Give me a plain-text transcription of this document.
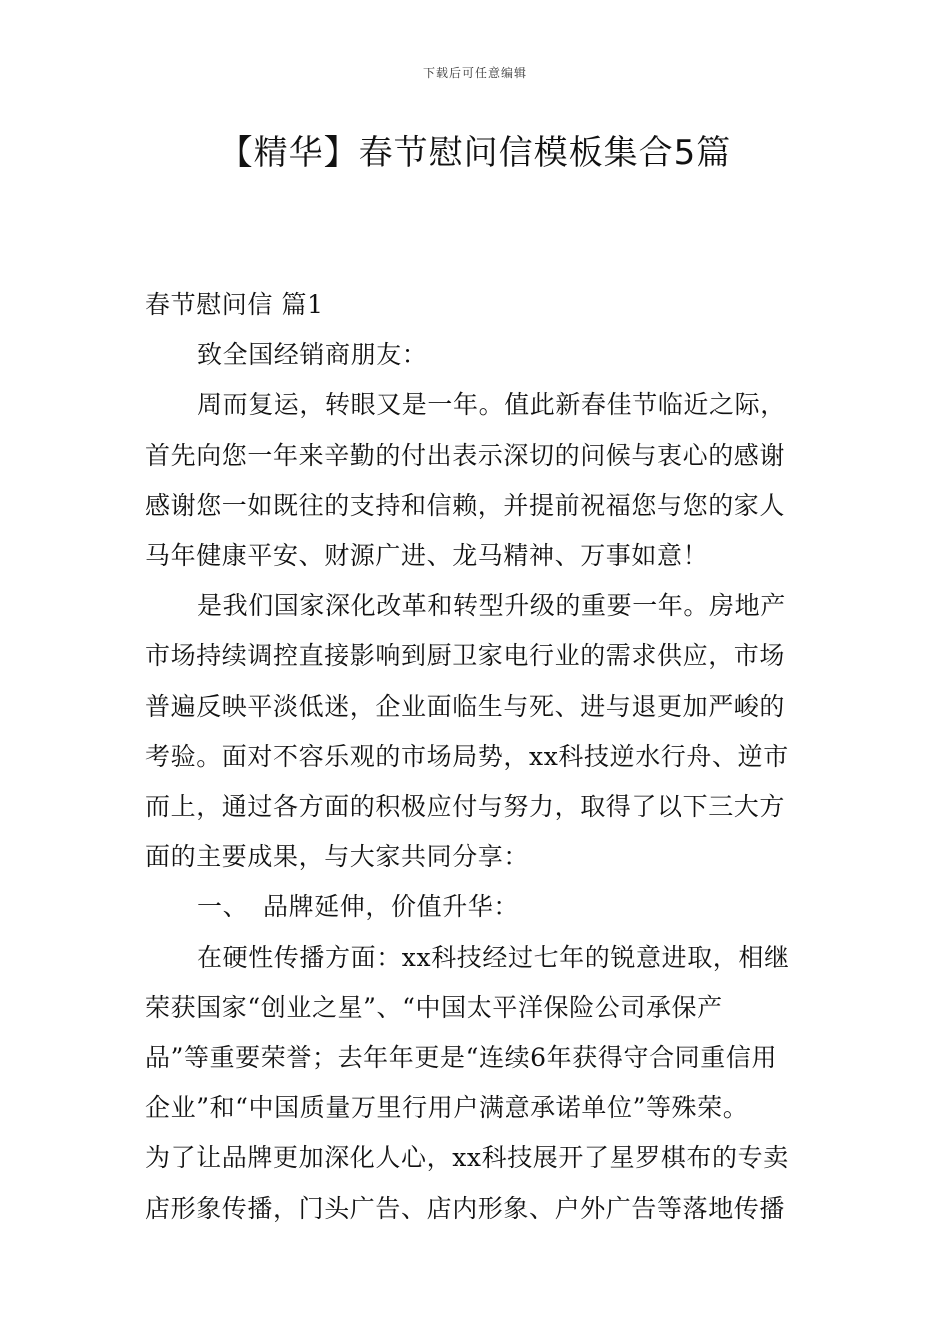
下载后可任意编辑
【精华】春节慰问信模板集合5篇

春节慰问信 篇1

致全国经销商朋友：

周而复运，转眼又是一年。值此新春佳节临近之际，

首先向您一年来辛勤的付出表示深切的问候与衷心的感谢

感谢您一如既往的支持和信赖，并提前祝福您与您的家人

马年健康平安、财源广进、龙马精神、万事如意！

是我们国家深化改革和转型升级的重要一年。房地产

市场持续调控直接影响到厨卫家电行业的需求供应，市场

普遍反映平淡低迷，企业面临生与死、进与退更加严峻的

考验。面对不容乐观的市场局势，xx科技逆水行舟、逆市

而上，通过各方面的积极应付与努力，取得了以下三大方

面的主要成果，与大家共同分享：

一、 品牌延伸，价值升华：

在硬性传播方面：xx科技经过七年的锐意进取，相继

荣获国家“创业之星”、“中国太平洋保险公司承保产

品”等重要荣誉；去年年更是“连续6年获得守合同重信用

企业”和“中国质量万里行用户满意承诺单位”等殊荣。

为了让品牌更加深化人心，xx科技展开了星罗棋布的专卖

店形象传播，门头广告、店内形象、户外广告等落地传播
